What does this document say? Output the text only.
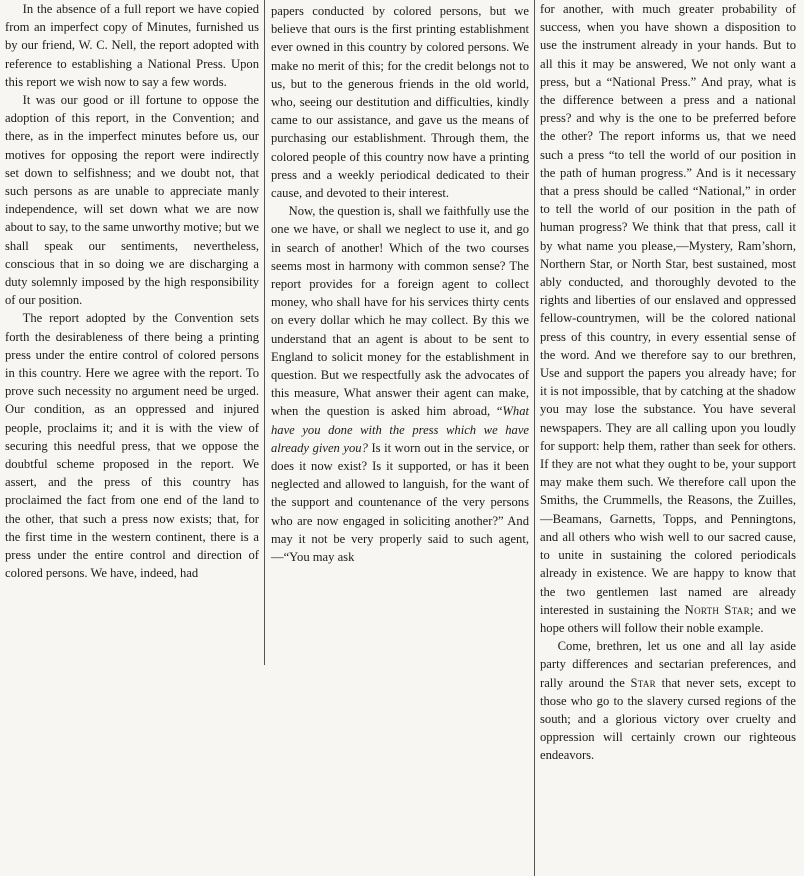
In the absence of a full report we have copied from an imperfect copy of Minutes, furnished us by our friend, W. C. Nell, the report adopted with reference to establishing a National Press. Upon this report we wish now to say a few words.

It was our good or ill fortune to oppose the adoption of this report, in the Convention; and there, as in the imperfect minutes before us, our motives for opposing the report were indirectly set down to selfishness; and we doubt not, that such persons as are unable to appreciate manly independence, will set down what we are now about to say, to the same unworthy motive; but we shall speak our sentiments, nevertheless, conscious that in so doing we are discharging a duty solemnly imposed by the high responsibility of our position.

The report adopted by the Convention sets forth the desirableness of there being a printing press under the entire control of colored persons in this country. Here we agree with the report. To prove such necessity no argument need be urged. Our condition, as an oppressed and injured people, proclaims it; and it is with the view of securing this needful press, that we oppose the doubtful scheme proposed in the report. We assert, and the press of this country has proclaimed the fact from one end of the land to the other, that such a press now exists; that, for the first time in the western continent, there is a press under the entire control and direction of colored persons. We have, indeed, had

papers conducted by colored persons, but we believe that ours is the first printing establishment ever owned in this country by colored persons. We make no merit of this; for the credit belongs not to us, but to the generous friends in the old world, who, seeing our destitution and difficulties, kindly came to our assistance, and gave us the means of purchasing our establishment. Through them, the colored people of this country now have a printing press and a weekly periodical dedicated to their cause, and devoted to their interest.

Now, the question is, shall we faithfully use the one we have, or shall we neglect to use it, and go in search of another! Which of the two courses seems most in harmony with common sense? The report provides for a foreign agent to collect money, who shall have for his services thirty cents on every dollar which he may collect. By this we understand that an agent is about to be sent to England to solicit money for the establishment in question. But we respectfully ask the advocates of this measure, What answer their agent can make, when the question is asked him abroad, “What have you done with the press which we have already given you? Is it worn out in the service, or does it now exist? Is it supported, or has it been neglected and allowed to languish, for the want of the support and countenance of the very persons who are now engaged in soliciting another?” And may it not be very properly said to such agent,—“You may ask

for another, with much greater probability of success, when you have shown a disposition to use the instrument already in your hands. But to all this it may be answered, We not only want a press, but a “National Press.” And pray, what is the difference between a press and a national press? and why is the one to be preferred before the other? The report informs us, that we need such a press “to tell the world of our position in the path of human progress.” And is it necessary that a press should be called “National,” in order to tell the world of our position in the path of human progress? We think that that press, call it by what name you please,—Mystery, Ram’shorn, Northern Star, or North Star, best sustained, most ably conducted, and thoroughly devoted to the rights and liberties of our enslaved and oppressed fellow-countrymen, will be the colored national press of this country, in every essential sense of the word. And we therefore say to our brethren, Use and support the papers you already have; for it is not impossible, that by catching at the shadow you may lose the substance. You have several newspapers. They are all calling upon you loudly for support: help them, rather than seek for others. If they are not what they ought to be, your support may make them such. We therefore call upon the Smiths, the Crummells, the Reasons, the Zuilles,—Beamans, Garnetts, Topps, and Penningtons, and all others who wish well to our sacred cause, to unite in sustaining the colored periodicals already in existence. We are happy to know that the two gentlemen last named are already interested in sustaining the North Star; and we hope others will follow their noble example.

Come, brethren, let us one and all lay aside party differences and sectarian preferences, and rally around the Star that never sets, except to those who go to the slavery cursed regions of the south; and a glorious victory over cruelty and oppression will certainly crown our righteous endeavors.
